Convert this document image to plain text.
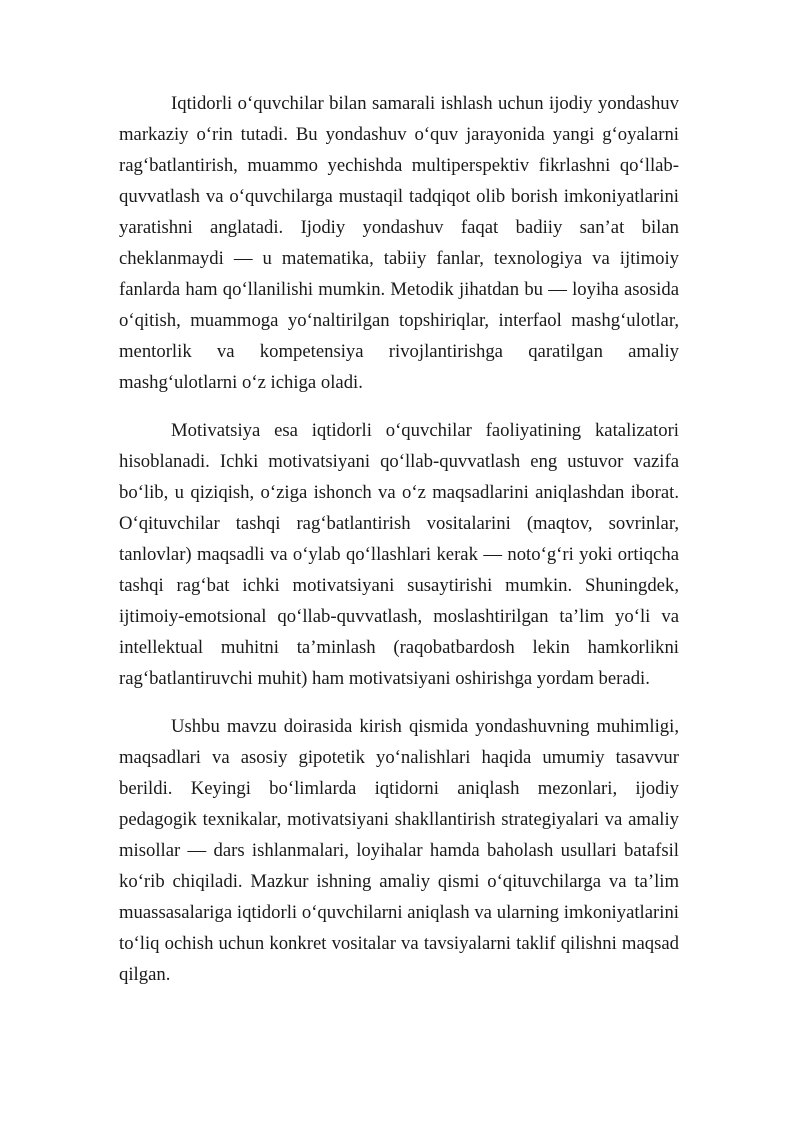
Iqtidorli o‘quvchilar bilan samarali ishlash uchun ijodiy yondashuv markaziy o‘rin tutadi. Bu yondashuv o‘quv jarayonida yangi g‘oyalarni rag‘batlantirish, muammo yechishda multiperspektiv fikrlashni qo‘llab-quvvatlash va o‘quvchilarga mustaqil tadqiqot olib borish imkoniyatlarini yaratishni anglatadi. Ijodiy yondashuv faqat badiiy san’at bilan cheklanmaydi — u matematika, tabiiy fanlar, texnologiya va ijtimoiy fanlarda ham qo‘llanilishi mumkin. Metodik jihatdan bu — loyiha asosida o‘qitish, muammoga yo‘naltirilgan topshiriqlar, interfaol mashg‘ulotlar, mentorlik va kompetensiya rivojlantirishga qaratilgan amaliy mashg‘ulotlarni o‘z ichiga oladi.

Motivatsiya esa iqtidorli o‘quvchilar faoliyatining katalizatori hisoblanadi. Ichki motivatsiyani qo‘llab-quvvatlash eng ustuvor vazifa bo‘lib, u qiziqish, o‘ziga ishonch va o‘z maqsadlarini aniqlashdan iborat. O‘qituvchilar tashqi rag‘batlantirish vositalarini (maqtov, sovrinlar, tanlovlar) maqsadli va o‘ylab qo‘llashlari kerak — noto‘g‘ri yoki ortiqcha tashqi rag‘bat ichki motivatsiyani susaytirishi mumkin. Shuningdek, ijtimoiy-emotsional qo‘llab-quvvatlash, moslashtirilgan ta’lim yo‘li va intellektual muhitni ta’minlash (raqobatbardosh lekin hamkorlikni rag‘batlantiruvchi muhit) ham motivatsiyani oshirishga yordam beradi.

Ushbu mavzu doirasida kirish qismida yondashuvning muhimligi, maqsadlari va asosiy gipotetik yo‘nalishlari haqida umumiy tasavvur berildi. Keyingi bo‘limlarda iqtidorni aniqlash mezonlari, ijodiy pedagogik texnikalar, motivatsiyani shakllantirish strategiyalari va amaliy misollar — dars ishlanmalari, loyihalar hamda baholash usullari batafsil ko‘rib chiqiladi. Mazkur ishning amaliy qismi o‘qituvchilarga va ta’lim muassasalariga iqtidorli o‘quvchilarni aniqlash va ularning imkoniyatlarini to‘liq ochish uchun konkret vositalar va tavsiyalarni taklif qilishni maqsad qilgan.
